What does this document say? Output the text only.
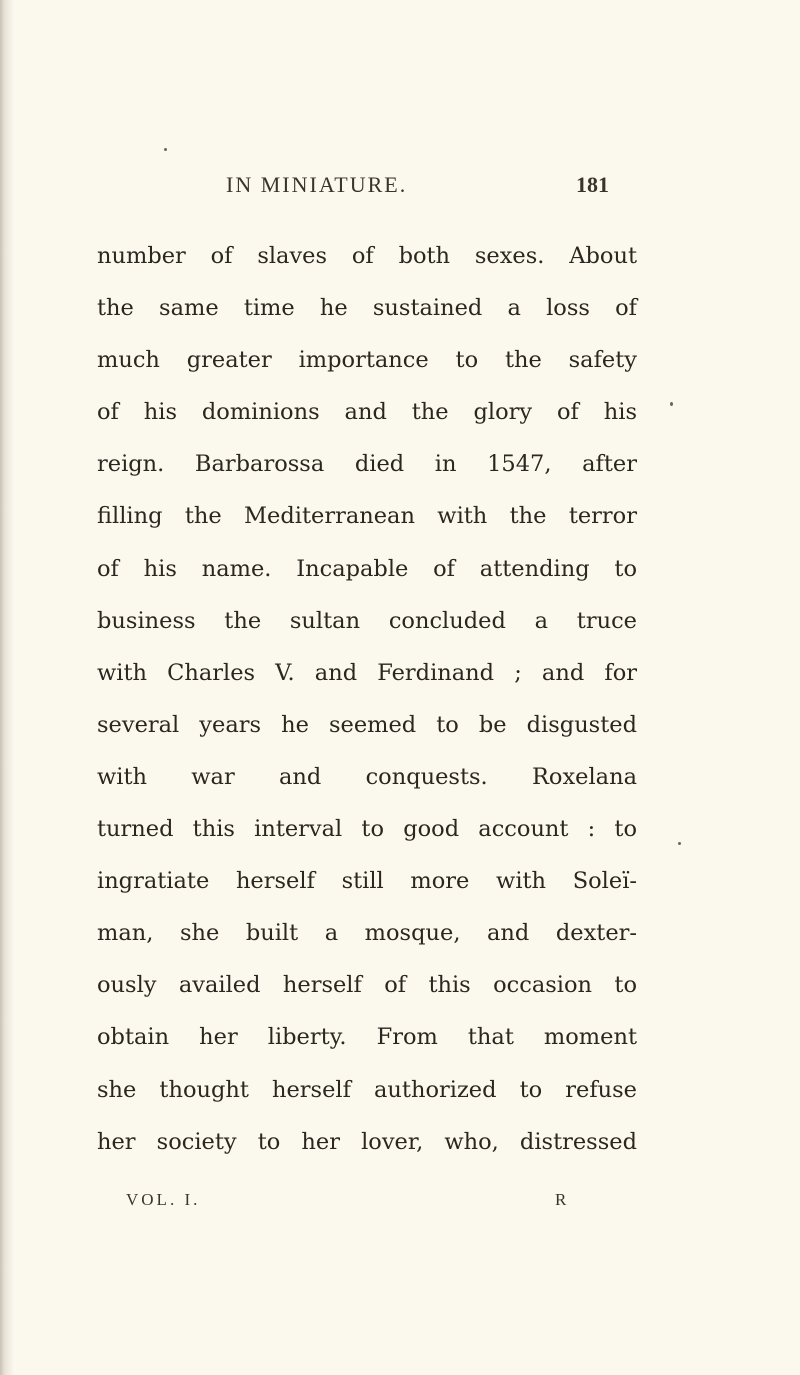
IN MINIATURE.	181
number of slaves of both sexes. About
the same time he sustained a loss of
much greater importance to the safety
of his dominions and the glory of his
reign. Barbarossa died in 1547, after
filling the Mediterranean with the terror
of his name. Incapable of attending to
business the sultan concluded a truce
with Charles V. and Ferdinand ; and for
several years he seemed to be disgusted
with war and conquests. Roxelana
turned this interval to good account : to
ingratiate herself still more with Soleï-
man, she built a mosque, and dexter-
ously availed herself of this occasion to
obtain her liberty. From that moment
she thought herself authorized to refuse
her society to her lover, who, distressed
VOL. I.	R
